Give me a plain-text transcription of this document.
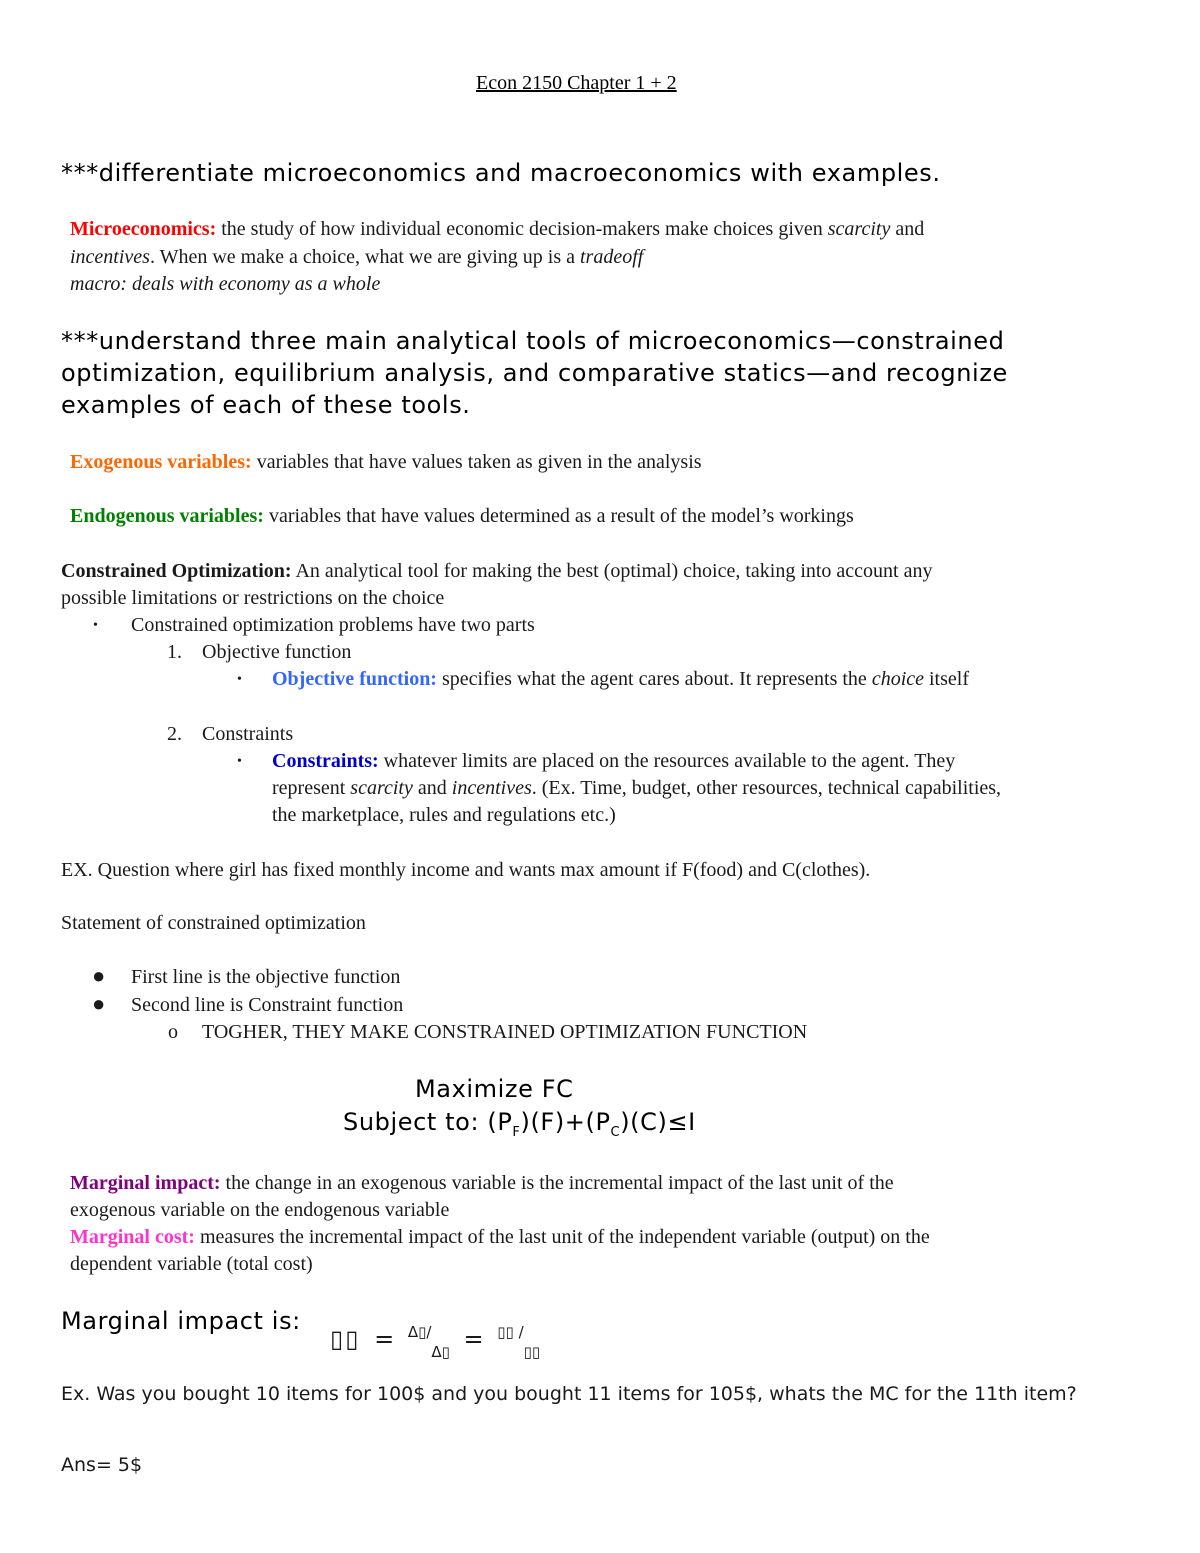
Econ 2150 Chapter 1 + 2
***differentiate microeconomics and macroeconomics with examples.
Microeconomics: the study of how individual economic decision-makers make choices given scarcity and
incentives. When we make a choice, what we are giving up is a tradeoff
macro: deals with economy as a whole
***understand three main analytical tools of microeconomics—constrained
optimization, equilibrium analysis, and comparative statics—and recognize
examples of each of these tools.
Exogenous variables: variables that have values taken as given in the analysis
Endogenous variables: variables that have values determined as a result of the model’s workings
Constrained Optimization: An analytical tool for making the best (optimal) choice, taking into account any
possible limitations or restrictions on the choice
• Constrained optimization problems have two parts
1. Objective function
• Objective function: specifies what the agent cares about. It represents the choice itself
2. Constraints
• Constraints: whatever limits are placed on the resources available to the agent. They
represent scarcity and incentives. (Ex. Time, budget, other resources, technical capabilities,
the marketplace, rules and regulations etc.)
EX. Question where girl has fixed monthly income and wants max amount if F(food) and C(clothes).
Statement of constrained optimization
● First line is the objective function
● Second line is Constraint function
o TOGHER, THEY MAKE CONSTRAINED OPTIMIZATION FUNCTION
Maximize FC
Subject to: $(P_F)(F)+(P_C)(C)\le I$
Marginal impact: the change in an exogenous variable is the incremental impact of the last unit of the
exogenous variable on the endogenous variable
Marginal cost: measures the incremental impact of the last unit of the independent variable (output) on the
dependent variable (total cost)
Marginal impact is:
▯▯ = $^{\Delta▯/}_{\Delta▯}$ = ▯▯ /$_{▯▯}$
Ex. Was you bought 10 items for 100$ and you bought 11 items for 105$, whats the MC for the 11th item?
Ans= 5$
